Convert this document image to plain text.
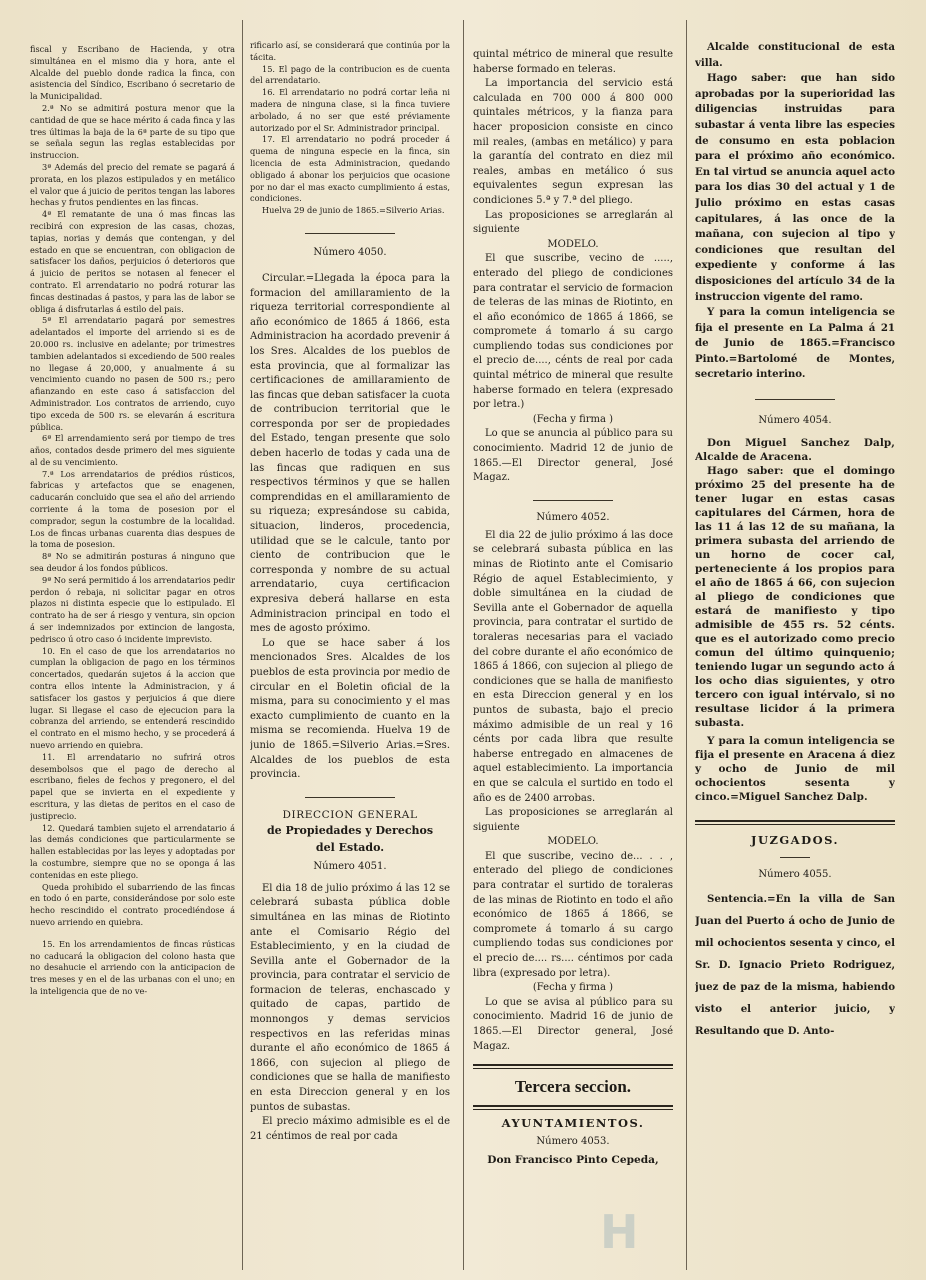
fiscal y Escribano de Hacienda, y otra simultánea en el mismo dia y hora, ante el Alcalde del pueblo donde radica la finca, con asistencia del Síndico, Escribano ó secretario de la Municipalidad.

2.ª No se admitirá postura menor que la cantidad de que se hace mérito á cada finca y las tres últimas la baja de la 6ª parte de su tipo que se señala segun las reglas establecidas por instruccion.

3ª Además del precio del remate se pagará á prorata, en los plazos estipulados y en metálico el valor que á juicio de peritos tengan las labores hechas y frutos pendientes en las fincas.

4ª El rematante de una ó mas fincas las recibirá con expresion de las casas, chozas, tapias, norias y demás que contengan, y del estado en que se encuentran, con obligacion de satisfacer los daños, perjuicios ó deterioros que á juicio de peritos se notasen al fenecer el contrato. El arrendatario no podrá roturar las fincas destinadas á pastos, y para las de labor se obliga á disfrutarlas á estilo del pais.

5ª El arrendatario pagará por semestres adelantados el importe del arriendo si es de 20.000 rs. inclusive en adelante; por trimestres tambien adelantados si excediendo de 500 reales no llegase á 20,000, y anualmente á su vencimiento cuando no pasen de 500 rs.; pero afianzando en este caso á satisfaccion del Administrador. Los contratos de arriendo, cuyo tipo exceda de 500 rs. se elevarán á escritura pública.

6ª El arrendamiento será por tiempo de tres años, contados desde primero del mes siguiente al de su vencimiento.

7.ª Los arrendatarios de prédios rústicos, fabricas y artefactos que se enagenen, caducarán concluido que sea el año del arriendo corriente á la toma de posesion por el comprador, segun la costumbre de la localidad. Los de fincas urbanas cuarenta dias despues de la toma de posesion.

8ª No se admitirán posturas á ninguno que sea deudor á los fondos públicos.

9ª No será permitido á los arrendatarios pedir perdon ó rebaja, ni solicitar pagar en otros plazos ni distinta especie que lo estipulado. El contrato ha de ser á riesgo y ventura, sin opcion á ser indemnizados por extincion de langosta, pedrisco ú otro caso ó incidente imprevisto.

10. En el caso de que los arrendatarios no cumplan la obligacion de pago en los términos concertados, quedarán sujetos á la accion que contra ellos intente la Administracion, y á satisfacer los gastos y perjuicios á que diere lugar. Si llegase el caso de ejecucion para la cobranza del arriendo, se entenderá rescindido el contrato en el mismo hecho, y se procederá á nuevo arriendo en quiebra.

11. El arrendatario no sufrirá otros desembolsos que el pago de derecho al escribano, fieles de fechos y pregonero, el del papel que se invierta en el expediente y escritura, y las dietas de peritos en el caso de justiprecio.

12. Quedará tambien sujeto el arrendatario á las demás condiciones que particularmente se hallen establecidas por las leyes y adoptadas por la costumbre, siempre que no se oponga á las contenidas en este pliego.

Queda prohibido el subarriendo de las fincas en todo ó en parte, considerándose por solo este hecho rescindido el contrato procediéndose á nuevo arriendo en quiebra.

15. En los arrendamientos de fincas rústicas no caducará la obligacion del colono hasta que no desahucie el arriendo con la anticipacion de tres meses y en el de las urbanas con el uno; en la inteligencia que de no ve-

rificarlo así, se considerará que continúa por la tácita.

15. El pago de la contribucion es de cuenta del arrendatario.

16. El arrendatario no podrá cortar leña ni madera de ninguna clase, si la finca tuviere arbolado, á no ser que esté préviamente autorizado por el Sr. Administrador principal.

17. El arrendatario no podrá proceder á quema de ninguna especie en la finca, sin licencia de esta Administracion, quedando obligado á abonar los perjuicios que ocasione por no dar el mas exacto cumplimiento á estas, condiciones.

Huelva 29 de junio de 1865.=Silverio Arias.

Número 4050.

Circular.=Llegada la época para la formacion del amillaramiento de la riqueza territorial correspondiente al año económico de 1865 á 1866, esta Administracion ha acordado prevenir á los Sres. Alcaldes de los pueblos de esta provincia, que al formalizar las certificaciones de amillaramiento de las fincas que deban satisfacer la cuota de contribucion territorial que le corresponda por ser de propiedades del Estado, tengan presente que solo deben hacerlo de todas y cada una de las fincas que radiquen en sus respectivos términos y que se hallen comprendidas en el amillaramiento de su riqueza; expresándose su cabida, situacion, linderos, procedencia, utilidad que se le calcule, tanto por ciento de contribucion que le corresponda y nombre de su actual arrendatario, cuya certificacion expresiva deberá hallarse en esta Administracion principal en todo el mes de agosto próximo.

Lo que se hace saber á los mencionados Sres. Alcaldes de los pueblos de esta provincia por medio de circular en el Boletin oficial de la misma, para su conocimiento y el mas exacto cumplimiento de cuanto en la misma se recomienda. Huelva 19 de junio de 1865.=Silverio Arias.=Sres. Alcaldes de los pueblos de esta provincia.

DIRECCION GENERAL
de Propiedades y Derechos del Estado.
Número 4051.

El dia 18 de julio próximo á las 12 se celebrará subasta pública doble simultánea en las minas de Riotinto ante el Comisario Régio del Establecimiento, y en la ciudad de Sevilla ante el Gobernador de la provincia, para contratar el servicio de formacion de teleras, enchascado y quitado de capas, partido de monnongos y demas servicios respectivos en las referidas minas durante el año económico de 1865 á 1866, con sujecion al pliego de condiciones que se halla de manifiesto en esta Direccion general y en los puntos de subastas.

El precio máximo admisible es el de 21 céntimos de real por cada

quintal métrico de mineral que resulte haberse formado en teleras.

La importancia del servicio está calculada en 700 000 á 800 000 quintales métricos, y la fianza para hacer proposicion consiste en cinco mil reales, (ambas en metálico) y para la garantía del contrato en diez mil reales, ambas en metálico ó sus equivalentes segun expresan las condiciones 5.ª y 7.ª del pliego.

Las proposiciones se arreglarán al siguiente

MODELO.

El que suscribe, vecino de ....., enterado del pliego de condiciones para contratar el servicio de formacion de teleras de las minas de Riotinto, en el año económico de 1865 á 1866, se compromete á tomarlo á su cargo cumpliendo todas sus condiciones por el precio de...., cénts de real por cada quintal métrico de mineral que resulte haberse formado en telera (expresado por letra.)

(Fecha y firma )

Lo que se anuncia al público para su conocimiento. Madrid 12 de junio de 1865.—El Director general, José Magaz.

Número 4052.

El dia 22 de julio próximo á las doce se celebrará subasta pública en las minas de Riotinto ante el Comisario Régio de aquel Establecimiento, y doble simultánea en la ciudad de Sevilla ante el Gobernador de aquella provincia, para contratar el surtido de toraleras necesarias para el vaciado del cobre durante el año económico de 1865 á 1866, con sujecion al pliego de condiciones que se halla de manifiesto en esta Direccion general y en los puntos de subasta, bajo el precio máximo admisible de un real y 16 cénts por cada libra que resulte haberse entregado en almacenes de aquel establecimiento. La importancia en que se calcula el surtido en todo el año es de 2400 arrobas.

Las proposiciones se arreglarán al siguiente

MODELO.

El que suscribe, vecino de... . . , enterado del pliego de condiciones para contratar el surtido de toraleras de las minas de Riotinto en todo el año económico de 1865 á 1866, se compromete á tomarlo á su cargo cumpliendo todas sus condiciones por el precio de.... rs.... céntimos por cada libra (expresado por letra).

(Fecha y firma )

Lo que se avisa al público para su conocimiento. Madrid 16 de junio de 1865.—El Director general, José Magaz.

Tercera seccion.
AYUNTAMIENTOS.
Número 4053.
Don Francisco Pinto Cepeda,

Alcalde constitucional de esta villa.

Hago saber: que han sido aprobadas por la superioridad las diligencias instruidas para subastar á venta libre las especies de consumo en esta poblacion para el próximo año económico. En tal virtud se anuncia aquel acto para los dias 30 del actual y 1 de Julio próximo en estas casas capitulares, á las once de la mañana, con sujecion al tipo y condiciones que resultan del expediente y conforme á las disposiciones del artículo 34 de la instruccion vigente del ramo.

Y para la comun inteligencia se fija el presente en La Palma á 21 de Junio de 1865.=Francisco Pinto.=Bartolomé de Montes, secretario interino.

Número 4054.

Don Miguel Sanchez Dalp, Alcalde de Aracena.

Hago saber: que el domingo próximo 25 del presente ha de tener lugar en estas casas capitulares del Cármen, hora de las 11 á las 12 de su mañana, la primera subasta del arriendo de un horno de cocer cal, perteneciente á los propios para el año de 1865 á 66, con sujecion al pliego de condiciones que estará de manifiesto y tipo admisible de 455 rs. 52 cénts. que es el autorizado como precio comun del último quinquenio; teniendo lugar un segundo acto á los ocho dias siguientes, y otro tercero con igual intérvalo, si no resultase licidor á la primera subasta.

Y para la comun inteligencia se fija el presente en Aracena á diez y ocho de Junio de mil ochocientos sesenta y cinco.=Miguel Sanchez Dalp.

JUZGADOS.
Número 4055.

Sentencia.=En la villa de San Juan del Puerto á ocho de Junio de mil ochocientos sesenta y cinco, el Sr. D. Ignacio Prieto Rodriguez, juez de paz de la misma, habiendo visto el anterior juicio, y Resultando que D. Anto-

H
